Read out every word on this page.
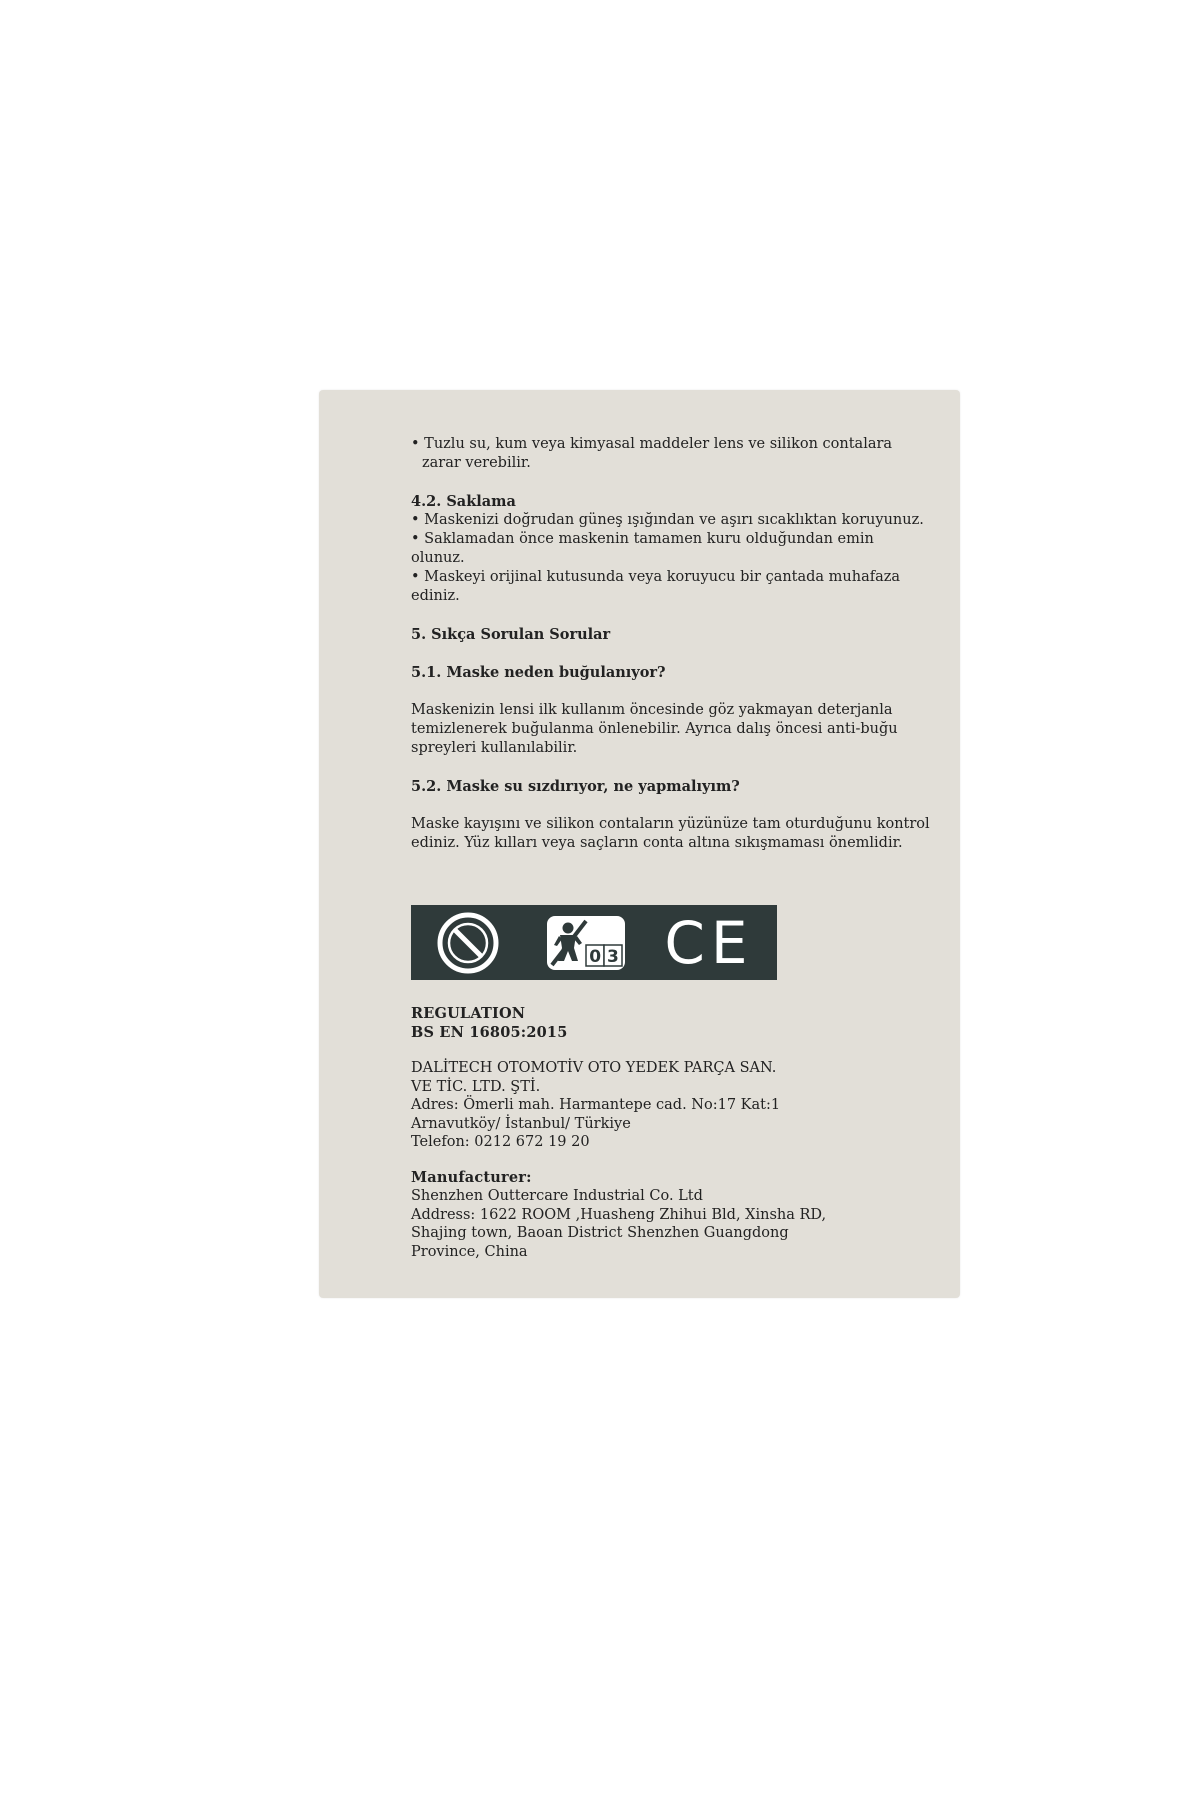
• Tuzlu su, kum veya kimyasal maddeler lens ve silikon contalara zarar verebilir.

4.2. Saklama

• Maskenizi doğrudan güneş ışığından ve aşırı sıcaklıktan koruyunuz.

• Saklamadan önce maskenin tamamen kuru olduğundan emin olunuz.

• Maskeyi orijinal kutusunda veya koruyucu bir çantada muhafaza ediniz.

5. Sıkça Sorulan Sorular

5.1. Maske neden buğulanıyor?

Maskenizin lensi ilk kullanım öncesinde göz yakmayan deterjanla temizlenerek buğulanma önlenebilir. Ayrıca dalış öncesi anti-buğu spreyleri kullanılabilir.

5.2. Maske su sızdırıyor, ne yapmalıyım?

Maske kayışını ve silikon contaların yüzünüze tam oturduğunu kontrol ediniz. Yüz kılları veya saçların conta altına sıkışmaması önemlidir.

0 3 CE

REGULATION

BS EN 16805:2015

DALİTECH OTOMOTİV OTO YEDEK PARÇA SAN.

VE TİC. LTD. ŞTİ.

Adres: Ömerli mah. Harmantepe cad. No:17 Kat:1

Arnavutköy/ İstanbul/ Türkiye

Telefon: 0212 672 19 20

Manufacturer:

Shenzhen Outtercare Industrial Co. Ltd

Address: 1622 ROOM ,Huasheng Zhihui Bld, Xinsha RD,

Shajing town, Baoan District Shenzhen Guangdong

Province, China
